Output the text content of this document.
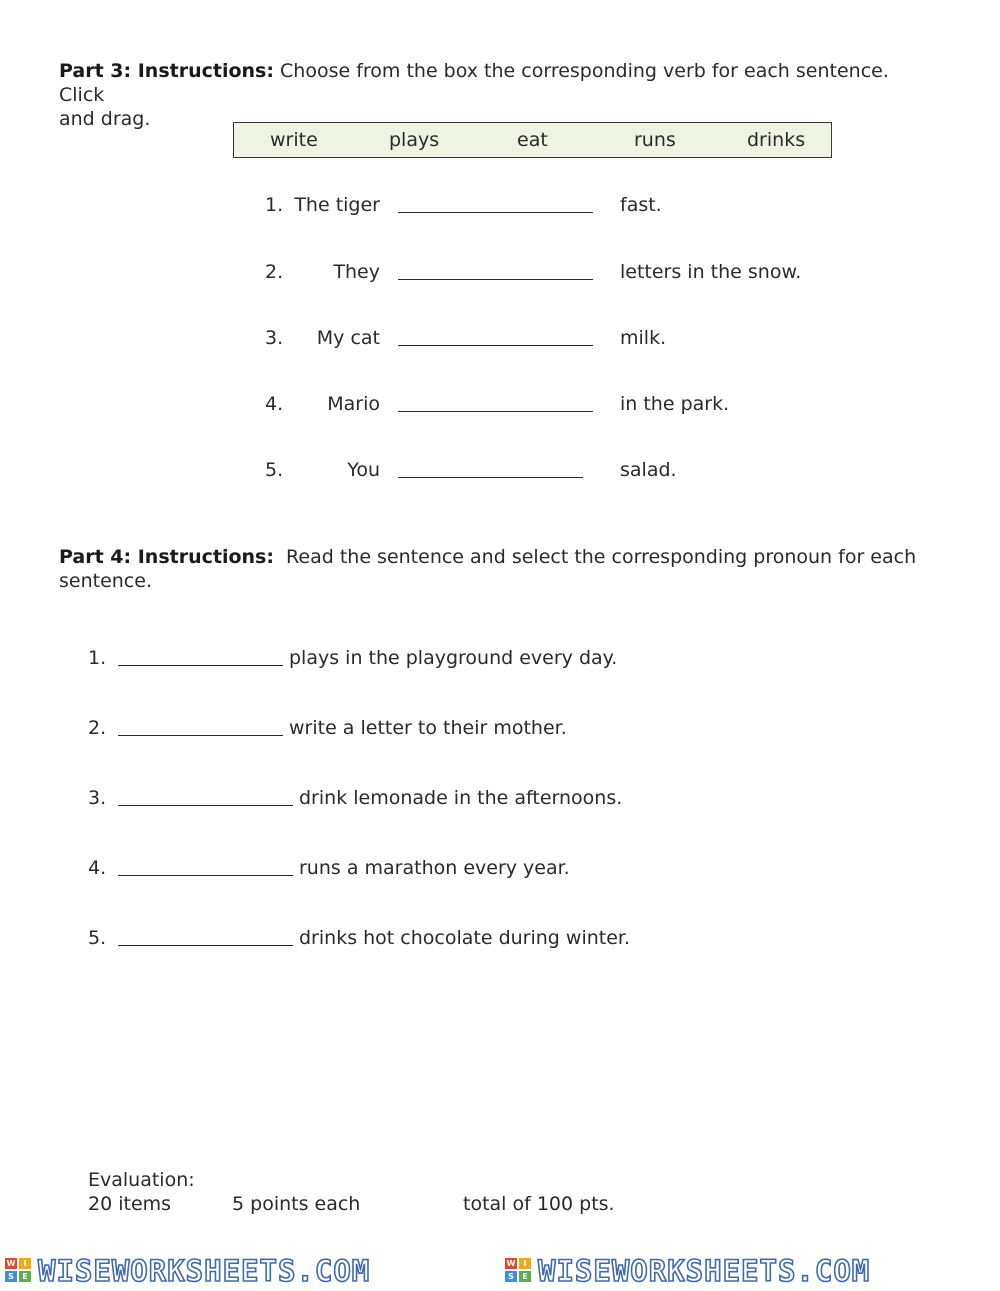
Part 3: Instructions: Choose from the box the corresponding verb for each sentence. Click
and drag.
write	plays	eat	runs	drinks
1. The tiger	fast.
2.	They	letters in the snow.
3.	My cat	milk.
4.	Mario	in the park.
5.	You	salad.
Part 4: Instructions:  Read the sentence and select the corresponding pronoun for each
sentence.
1.	plays in the playground every day.
2.	write a letter to their mother.
3.	drink lemonade in the afternoons.
4.	runs a marathon every year.
5.	drinks hot chocolate during winter.
Evaluation:
20 items	5 points each	total of 100 pts.
W	I
S	E WISEWORKSHEETS.COM	W	I
S	E WISEWORKSHEETS.COM
